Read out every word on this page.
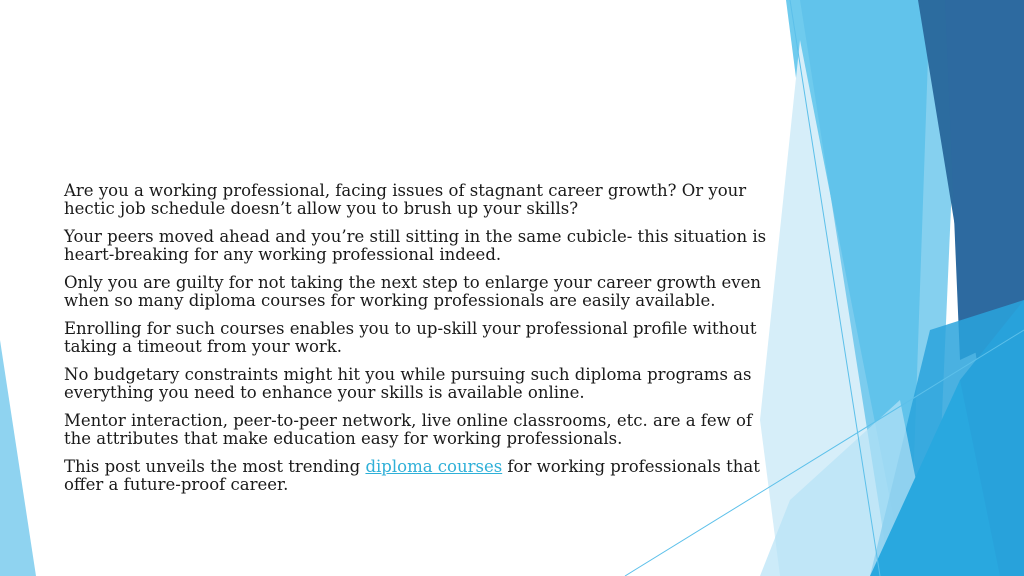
Are you a working professional, facing issues of stagnant career growth? Or your hectic job schedule doesn’t allow you to brush up your skills?

Your peers moved ahead and you’re still sitting in the same cubicle- this situation is heart-breaking for any working professional indeed.

Only you are guilty for not taking the next step to enlarge your career growth even when so many diploma courses for working professionals are easily available.

Enrolling for such courses enables you to up-skill your professional profile without taking a timeout from your work.

No budgetary constraints might hit you while pursuing such diploma programs as everything you need to enhance your skills is available online.

Mentor interaction, peer-to-peer network, live online classrooms, etc. are a few of the attributes that make education easy for working professionals.

This post unveils the most trending diploma courses for working professionals that offer a future-proof career.
